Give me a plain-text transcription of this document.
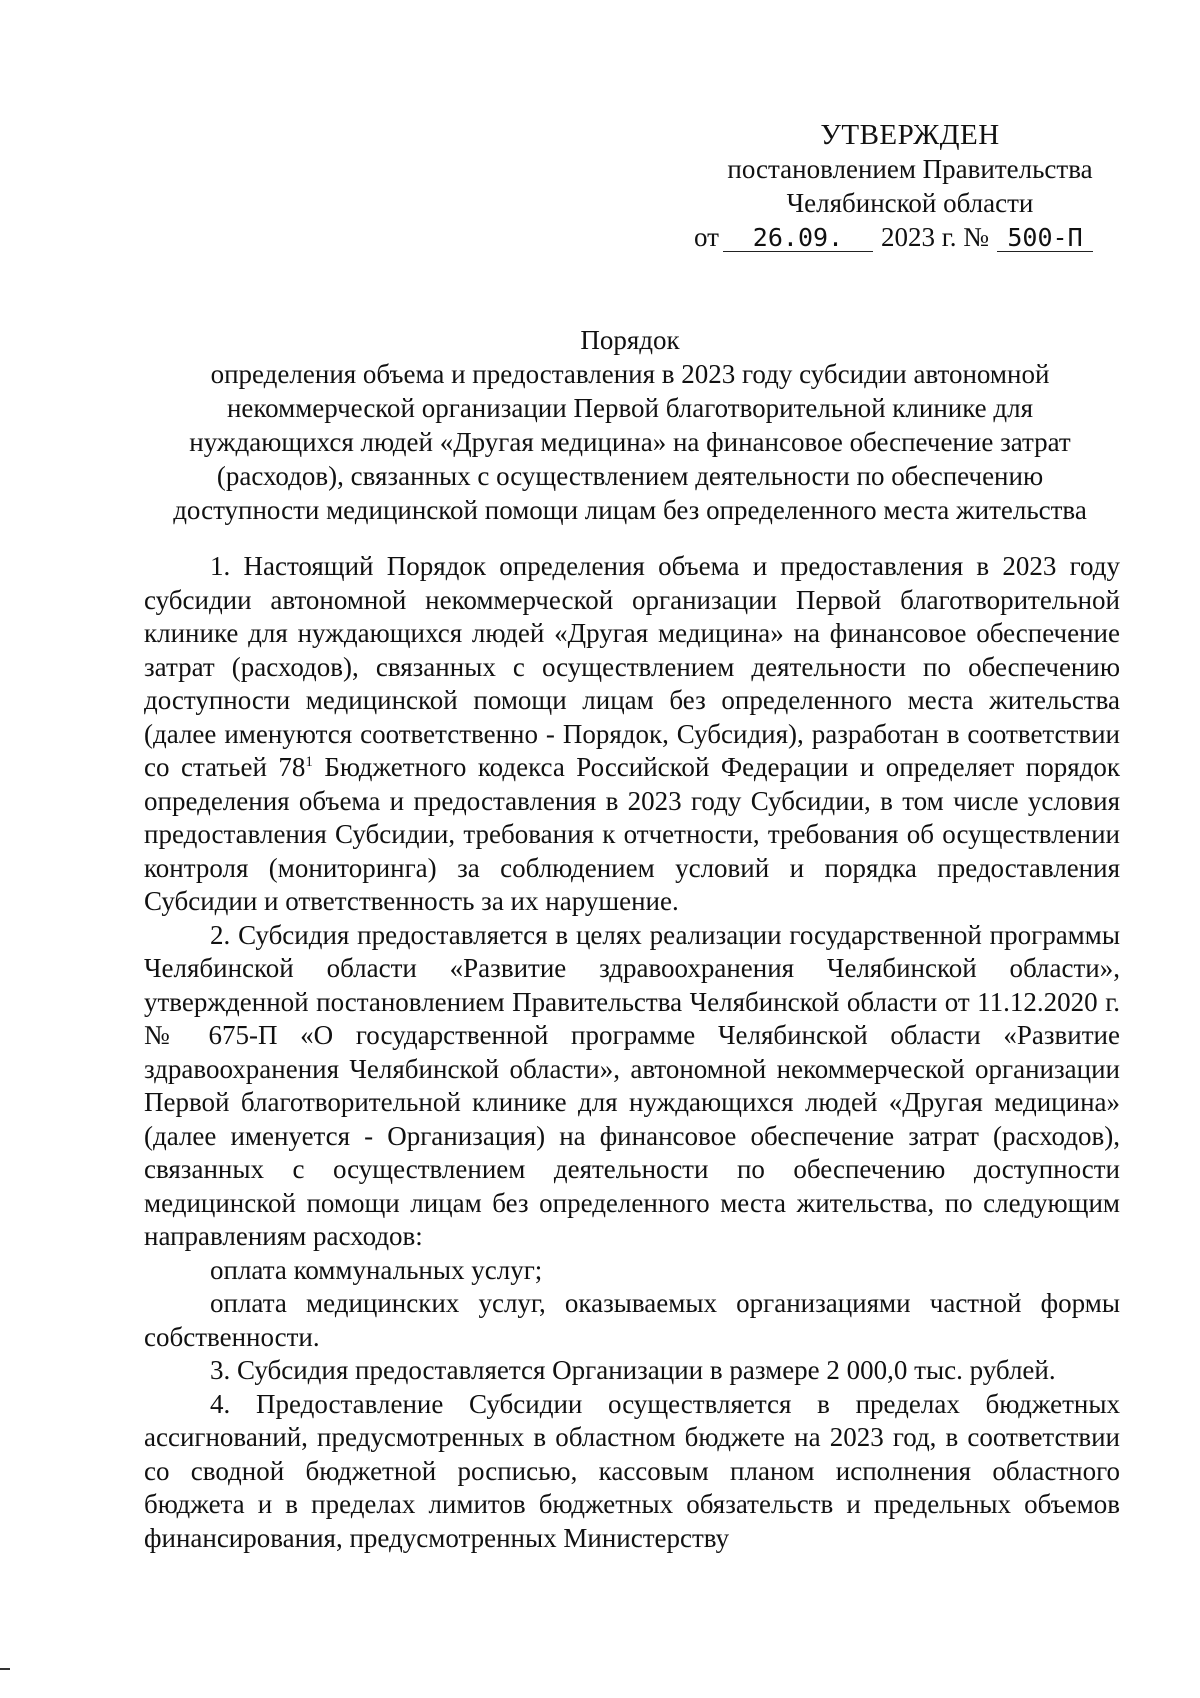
УТВЕРЖДЕН
постановлением Правительства
Челябинской области
от 26.09. 2023 г. № 500-П
Порядок
определения объема и предоставления в 2023 году субсидии автономной
некоммерческой организации Первой благотворительной клинике для
нуждающихся людей «Другая медицина» на финансовое обеспечение затрат
(расходов), связанных с осуществлением деятельности по обеспечению
доступности медицинской помощи лицам без определенного места жительства

1. Настоящий Порядок определения объема и предоставления в 2023 году субсидии автономной некоммерческой организации Первой благотворительной клинике для нуждающихся людей «Другая медицина» на финансовое обеспечение затрат (расходов), связанных с осуществлением деятельности по обеспечению доступности медицинской помощи лицам без определенного места жительства (далее именуются соответственно - Порядок, Субсидия), разработан в соответствии со статьей $78^1$ Бюджетного кодекса Российской Федерации и определяет порядок определения объема и предоставления в 2023 году Субсидии, в том числе условия предоставления Субсидии, требования к отчетности, требования об осуществлении контроля (мониторинга) за соблюдением условий и порядка предоставления Субсидии и ответственность за их нарушение.

2. Субсидия предоставляется в целях реализации государственной программы Челябинской области «Развитие здравоохранения Челябинской области», утвержденной постановлением Правительства Челябинской области от 11.12.2020 г. № 675-П «О государственной программе Челябинской области «Развитие здравоохранения Челябинской области», автономной некоммерческой организации Первой благотворительной клинике для нуждающихся людей «Другая медицина» (далее именуется - Организация) на финансовое обеспечение затрат (расходов), связанных с осуществлением деятельности по обеспечению доступности медицинской помощи лицам без определенного места жительства, по следующим направлениям расходов:

оплата коммунальных услуг;

оплата медицинских услуг, оказываемых организациями частной формы собственности.

3. Субсидия предоставляется Организации в размере 2 000,0 тыс. рублей.

4. Предоставление Субсидии осуществляется в пределах бюджетных ассигнований, предусмотренных в областном бюджете на 2023 год, в соответствии со сводной бюджетной росписью, кассовым планом исполнения областного бюджета и в пределах лимитов бюджетных обязательств и предельных объемов финансирования, предусмотренных Министерству
